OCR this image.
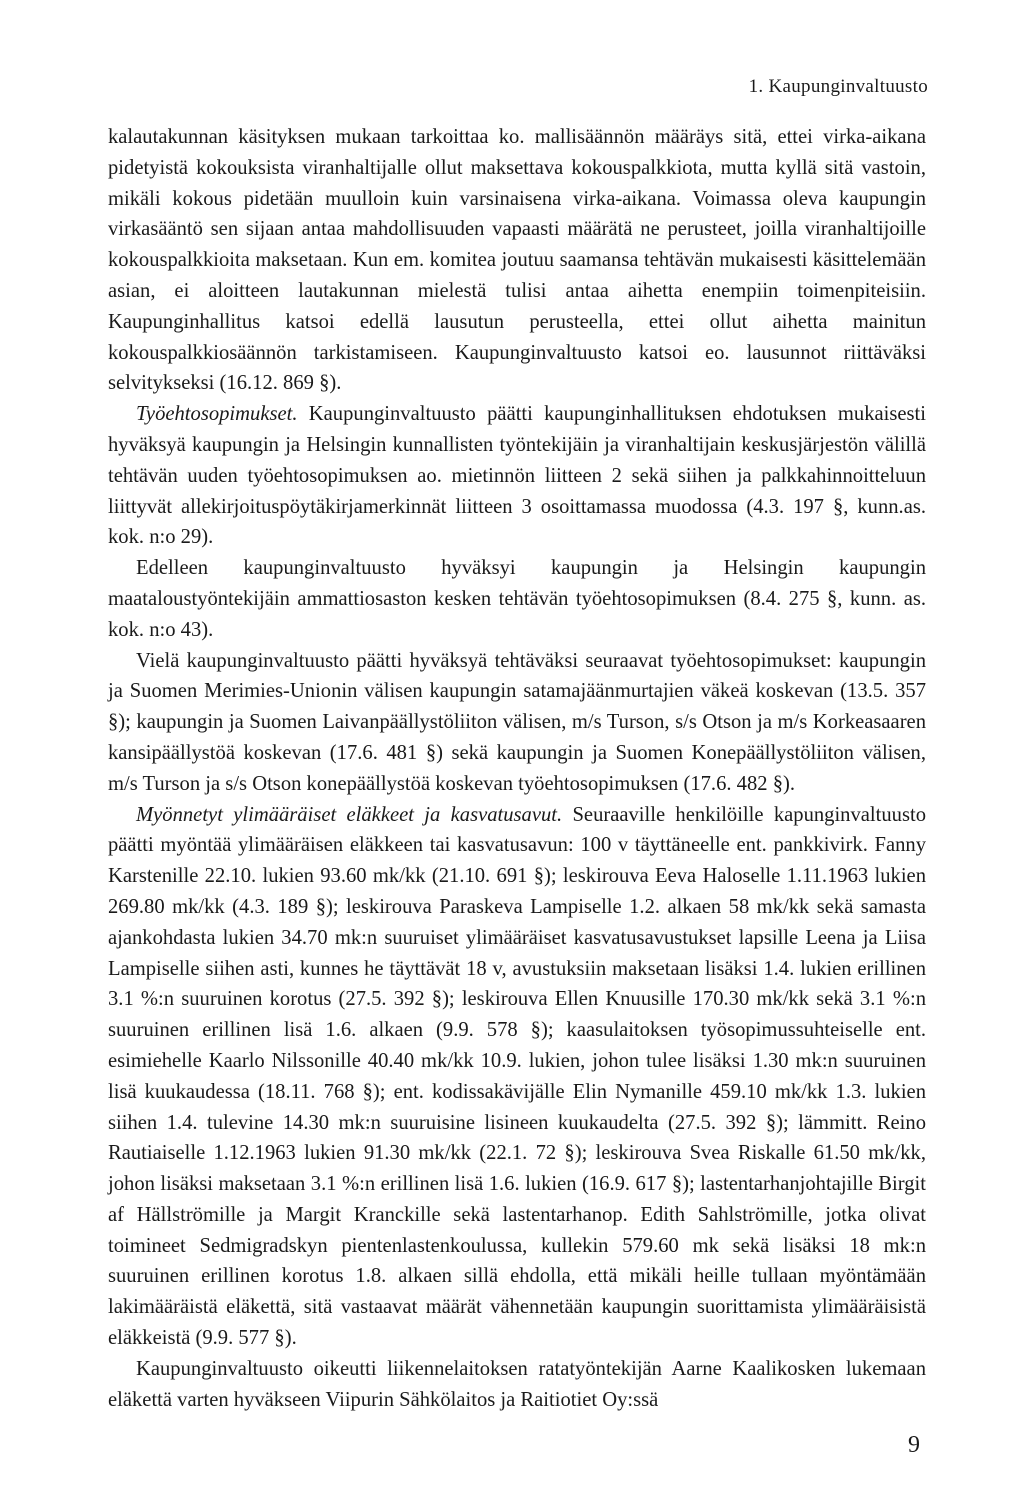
1. Kaupunginvaltuusto

kalautakunnan käsityksen mukaan tarkoittaa ko. mallisäännön määräys sitä, ettei virka-aikana pidetyistä kokouksista viranhaltijalle ollut maksettava kokouspalkkiota, mutta kyllä sitä vastoin, mikäli kokous pidetään muulloin kuin varsinaisena virka-aikana. Voimassa oleva kaupungin virkasääntö sen sijaan antaa mahdollisuuden vapaasti määrätä ne perusteet, joilla viranhaltijoille kokouspalkkioita maksetaan. Kun em. komitea joutuu saamansa tehtävän mukaisesti käsittelemään asian, ei aloitteen lautakunnan mielestä tulisi antaa aihetta enempiin toimenpiteisiin. Kaupunginhallitus katsoi edellä lausutun perusteella, ettei ollut aihetta mainitun kokouspalkkiosäännön tarkistamiseen. Kaupunginvaltuusto katsoi eo. lausunnot riittäväksi selvitykseksi (16.12. 869 §).

Työehtosopimukset. Kaupunginvaltuusto päätti kaupunginhallituksen ehdotuksen mukaisesti hyväksyä kaupungin ja Helsingin kunnallisten työntekijäin ja viranhaltijain keskusjärjestön välillä tehtävän uuden työehtosopimuksen ao. mietinnön liitteen 2 sekä siihen ja palkkahinnoitteluun liittyvät allekirjoituspöytäkirjamerkinnät liitteen 3 osoittamassa muodossa (4.3. 197 §, kunn.as. kok. n:o 29).

Edelleen kaupunginvaltuusto hyväksyi kaupungin ja Helsingin kaupungin maataloustyöntekijäin ammattiosaston kesken tehtävän työehtosopimuksen (8.4. 275 §, kunn. as. kok. n:o 43).

Vielä kaupunginvaltuusto päätti hyväksyä tehtäväksi seuraavat työehtosopimukset: kaupungin ja Suomen Merimies-Unionin välisen kaupungin satamajäänmurtajien väkeä koskevan (13.5. 357 §); kaupungin ja Suomen Laivanpäällystöliiton välisen, m/s Turson, s/s Otson ja m/s Korkeasaaren kansipäällystöä koskevan (17.6. 481 §) sekä kaupungin ja Suomen Konepäällystöliiton välisen, m/s Turson ja s/s Otson konepäällystöä koskevan työehtosopimuksen (17.6. 482 §).

Myönnetyt ylimääräiset eläkkeet ja kasvatusavut. Seuraaville henkilöille kapunginvaltuusto päätti myöntää ylimääräisen eläkkeen tai kasvatusavun: 100 v täyttäneelle ent. pankkivirk. Fanny Karstenille 22.10. lukien 93.60 mk/kk (21.10. 691 §); leskirouva Eeva Haloselle 1.11.1963 lukien 269.80 mk/kk (4.3. 189 §); leskirouva Paraskeva Lampiselle 1.2. alkaen 58 mk/kk sekä samasta ajankohdasta lukien 34.70 mk:n suuruiset ylimääräiset kasvatusavustukset lapsille Leena ja Liisa Lampiselle siihen asti, kunnes he täyttävät 18 v, avustuksiin maksetaan lisäksi 1.4. lukien erillinen 3.1 %:n suuruinen korotus (27.5. 392 §); leskirouva Ellen Knuusille 170.30 mk/kk sekä 3.1 %:n suuruinen erillinen lisä 1.6. alkaen (9.9. 578 §); kaasulaitoksen työsopimussuhteiselle ent. esimiehelle Kaarlo Nilssonille 40.40 mk/kk 10.9. lukien, johon tulee lisäksi 1.30 mk:n suuruinen lisä kuukaudessa (18.11. 768 §); ent. kodissakävijälle Elin Nymanille 459.10 mk/kk 1.3. lukien siihen 1.4. tulevine 14.30 mk:n suuruisine lisineen kuukaudelta (27.5. 392 §); lämmitt. Reino Rautiaiselle 1.12.1963 lukien 91.30 mk/kk (22.1. 72 §); leskirouva Svea Riskalle 61.50 mk/kk, johon lisäksi maksetaan 3.1 %:n erillinen lisä 1.6. lukien (16.9. 617 §); lastentarhanjohtajille Birgit af Hällströmille ja Margit Kranckille sekä lastentarhanop. Edith Sahlströmille, jotka olivat toimineet Sedmigradskyn pientenlastenkoulussa, kullekin 579.60 mk sekä lisäksi 18 mk:n suuruinen erillinen korotus 1.8. alkaen sillä ehdolla, että mikäli heille tullaan myöntämään lakimääräistä eläkettä, sitä vastaavat määrät vähennetään kaupungin suorittamista ylimääräisistä eläkkeistä (9.9. 577 §).

Kaupunginvaltuusto oikeutti liikennelaitoksen ratatyöntekijän Aarne Kaalikosken lukemaan eläkettä varten hyväkseen Viipurin Sähkölaitos ja Raitiotiet Oy:ssä

9
